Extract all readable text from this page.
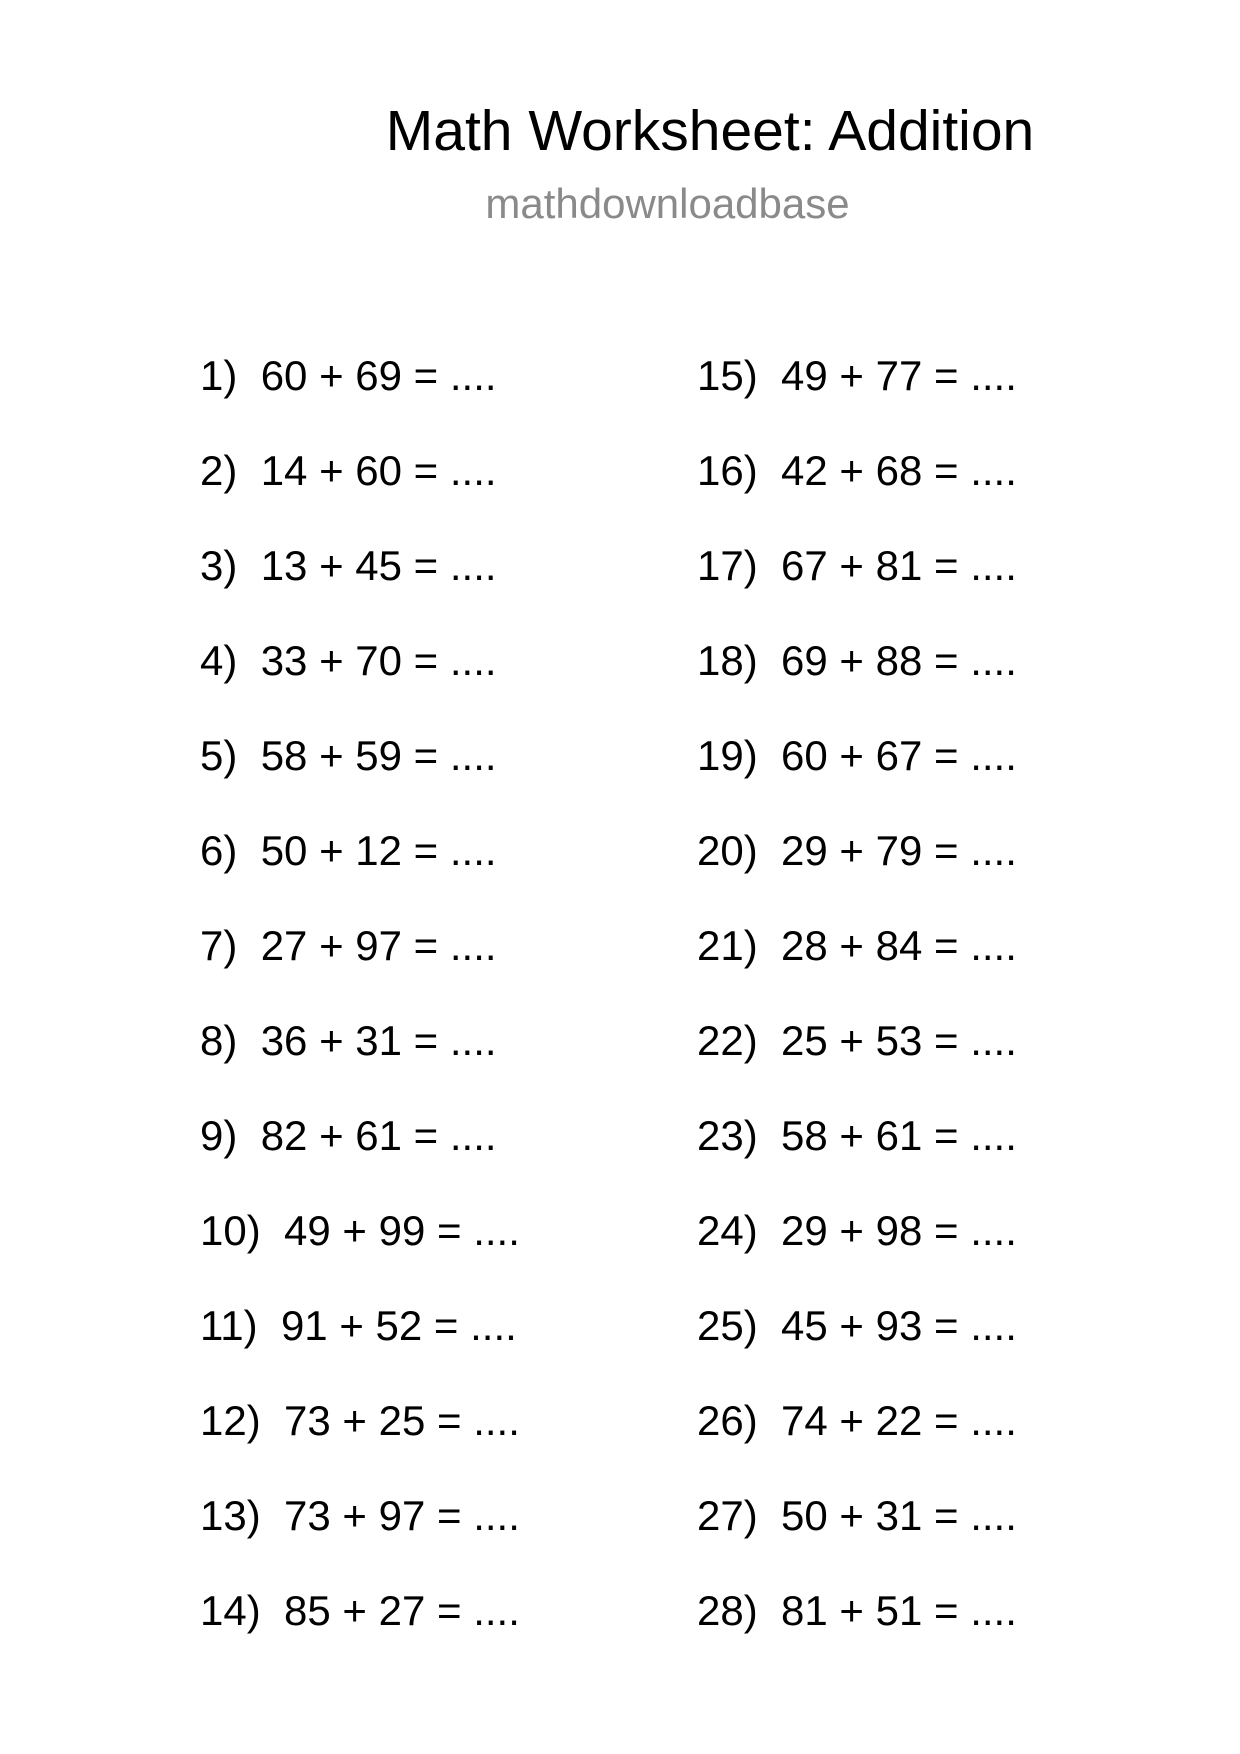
Math Worksheet: Addition
mathdownloadbase
1) 60 + 69 = ....
2) 14 + 60 = ....
3) 13 + 45 = ....
4) 33 + 70 = ....
5) 58 + 59 = ....
6) 50 + 12 = ....
7) 27 + 97 = ....
8) 36 + 31 = ....
9) 82 + 61 = ....
10) 49 + 99 = ....
11) 91 + 52 = ....
12) 73 + 25 = ....
13) 73 + 97 = ....
14) 85 + 27 = ....
15) 49 + 77 = ....
16) 42 + 68 = ....
17) 67 + 81 = ....
18) 69 + 88 = ....
19) 60 + 67 = ....
20) 29 + 79 = ....
21) 28 + 84 = ....
22) 25 + 53 = ....
23) 58 + 61 = ....
24) 29 + 98 = ....
25) 45 + 93 = ....
26) 74 + 22 = ....
27) 50 + 31 = ....
28) 81 + 51 = ....
